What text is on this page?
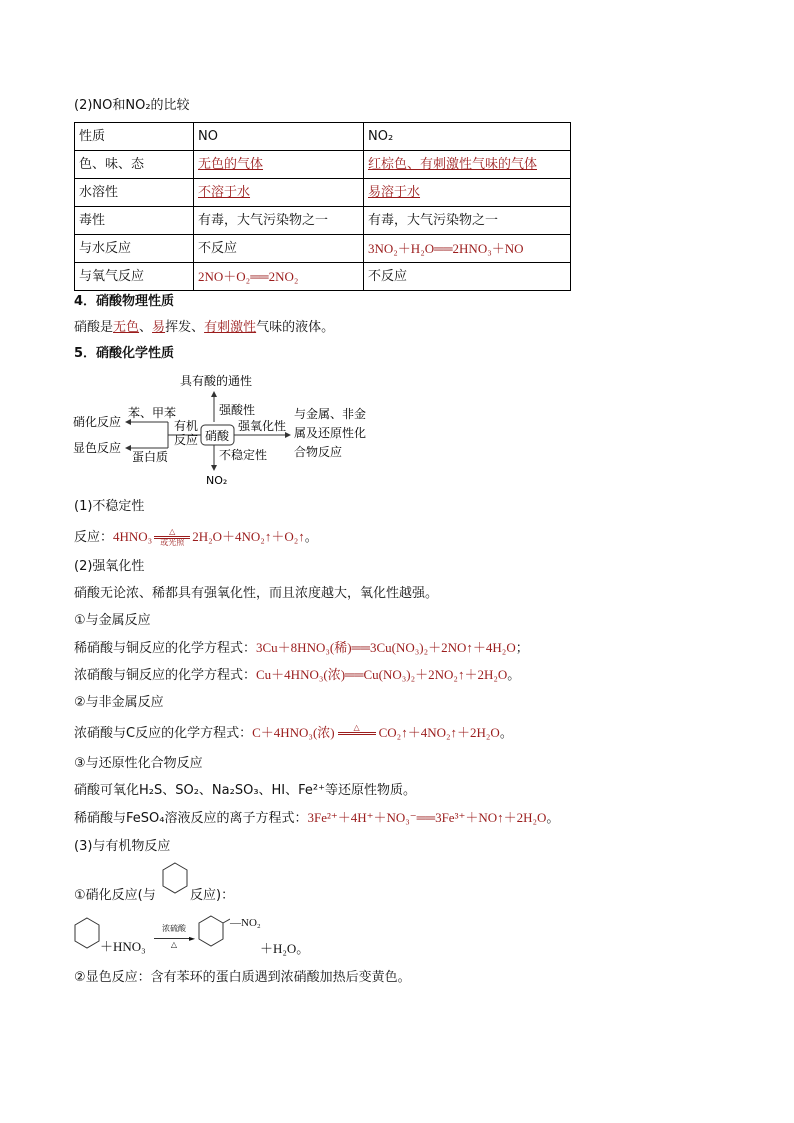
(2)NO和NO₂的比较
性质	NO	NO₂
色、味、态	无色的气体	红棕色、有刺激性气味的气体
水溶性	不溶于水	易溶于水
毒性	有毒，大气污染物之一	有毒，大气污染物之一
与水反应	不反应	3NO₂＋H₂O══2HNO₃＋NO
与氧气反应	2NO＋O₂══2NO₂	不反应
4．硝酸物理性质
硝酸是无色、易挥发、有刺激性气味的液体。
5．硝酸化学性质
具有酸的通性
强酸性
硝酸
强氧化性
与金属、非金
属及还原性化
合物反应
有机
反应
苯、甲苯
蛋白质
硝化反应
显色反应	不稳定性
NO₂
(1)不稳定性
反应：4HNO₃	△
或光照 2H₂O＋4NO₂↑＋O₂↑。
(2)强氧化性
硝酸无论浓、稀都具有强氧化性，而且浓度越大，氧化性越强。
①与金属反应
稀硝酸与铜反应的化学方程式：3Cu＋8HNO₃(稀)══3Cu(NO₃)₂＋2NO↑＋4H₂O；
浓硝酸与铜反应的化学方程式：Cu＋4HNO₃(浓)══Cu(NO₃)₂＋2NO₂↑＋2H₂O。
②与非金属反应
浓硝酸与C反应的化学方程式：C＋4HNO₃(浓)	△	CO₂↑＋4NO₂↑＋2H₂O。
③与还原性化合物反应
硝酸可氧化H₂S、SO₂、Na₂SO₃、HI、Fe²⁺等还原性物质。
稀硝酸与FeSO₄溶液反应的离子方程式：3Fe²⁺＋4H⁺＋NO₃⁻══3Fe³⁺＋NO↑＋2H₂O。
(3)与有机物反应
①硝化反应(与	反应)：
＋HNO₃
浓硫酸
►
△
—NO₂
＋H₂O。
②显色反应：含有苯环的蛋白质遇到浓硝酸加热后变黄色。
